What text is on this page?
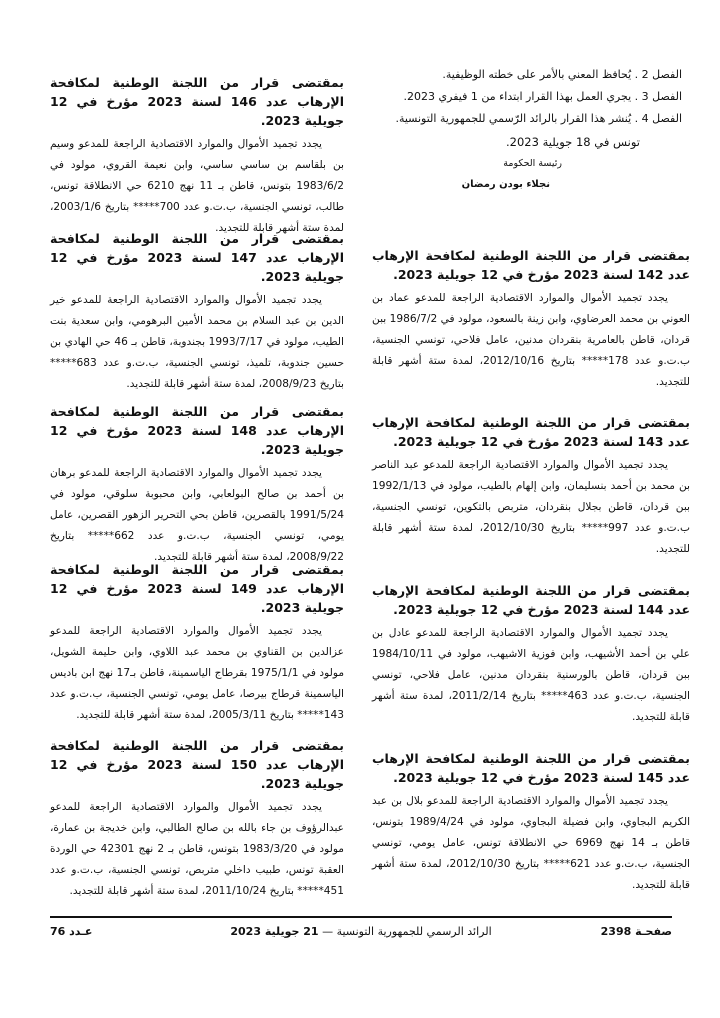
الفصل 2 . يُحافظ المعني بالأمر على خطته الوظيفية.

الفصل 3 . يجري العمل بهذا القرار ابتداء من 1 فيفري 2023.

الفصل 4 . يُنشر هذا القرار بالرائد الرّسمي للجمهورية التونسية.

تونس في 18 جويلية 2023.
رئيسة الحكومة
نجلاء بودن رمضان

بمقتضى قرار من اللجنة الوطنية لمكافحة الإرهاب عدد 142 لسنة 2023 مؤرخ في 12 جويلية 2023.

يجدد تجميد الأموال والموارد الاقتصادية الراجعة للمدعو عماد بن العوني بن محمد العرضاوي، وابن زينة بالسعود، مولود في 1986/7/2 ببن قردان، قاطن بالعامرية بنقردان مدنين، عامل فلاحي، تونسي الجنسية، ب.ت.و عدد 178***** بتاريخ 2012/10/16، لمدة ستة أشهر قابلة للتجديد.

بمقتضى قرار من اللجنة الوطنية لمكافحة الإرهاب عدد 143 لسنة 2023 مؤرخ في 12 جويلية 2023.

يجدد تجميد الأموال والموارد الاقتصادية الراجعة للمدعو عبد الناصر بن محمد بن أحمد بنسليمان، وابن إلهام بالطيب، مولود في 1992/1/13 ببن قردان، قاطن بجلال بنقردان، متربص بالتكوين، تونسي الجنسية، ب.ت.و عدد 997***** بتاريخ 2012/10/30، لمدة ستة أشهر قابلة للتجديد.

بمقتضى قرار من اللجنة الوطنية لمكافحة الإرهاب عدد 144 لسنة 2023 مؤرخ في 12 جويلية 2023.

يجدد تجميد الأموال والموارد الاقتصادية الراجعة للمدعو عادل بن علي بن أحمد الأشيهب، وابن فوزية الاشيهب، مولود في 1984/10/11 ببن قردان، قاطن بالورسنية بنقردان مدنين، عامل فلاحي، تونسي الجنسية، ب.ت.و عدد 463***** بتاريخ 2011/2/14، لمدة ستة أشهر قابلة للتجديد.

بمقتضى قرار من اللجنة الوطنية لمكافحة الإرهاب عدد 145 لسنة 2023 مؤرخ في 12 جويلية 2023.

يجدد تجميد الأموال والموارد الاقتصادية الراجعة للمدعو بلال بن عبد الكريم البجاوي، وابن فضيلة البجاوي، مولود في 1989/4/24 بتونس، قاطن بـ 14 نهج 6969 حي الانطلاقة تونس، عامل يومي، تونسي الجنسية، ب.ت.و عدد 621***** بتاريخ 2012/10/30، لمدة ستة أشهر قابلة للتجديد.

بمقتضى قرار من اللجنة الوطنية لمكافحة الإرهاب عدد 146 لسنة 2023 مؤرخ في 12 جويلية 2023.

يجدد تجميد الأموال والموارد الاقتصادية الراجعة للمدعو وسيم بن بلقاسم بن ساسي ساسي، وابن نعيمة القروي، مولود في 1983/6/2 بتونس، قاطن بـ 11 نهج 6210 حي الانطلاقة تونس، طالب، تونسي الجنسية، ب.ت.و عدد 700***** بتاريخ 2003/1/6، لمدة ستة أشهر قابلة للتجديد.

بمقتضى قرار من اللجنة الوطنية لمكافحة الإرهاب عدد 147 لسنة 2023 مؤرخ في 12 جويلية 2023.

يجدد تجميد الأموال والموارد الاقتصادية الراجعة للمدعو خير الدين بن عبد السلام بن محمد الأمين البرهومي، وابن سعدية بنت الطيب، مولود في 1993/7/17 بجندوبة، قاطن بـ 46 حي الهادي بن حسين جندوبة، تلميذ، تونسي الجنسية، ب.ت.و عدد 683***** بتاريخ 2008/9/23، لمدة ستة أشهر قابلة للتجديد.

بمقتضى قرار من اللجنة الوطنية لمكافحة الإرهاب عدد 148 لسنة 2023 مؤرخ في 12 جويلية 2023.

يجدد تجميد الأموال والموارد الاقتصادية الراجعة للمدعو برهان بن أحمد بن صالح البولعابي، وابن محبوبة سلوقي، مولود في 1991/5/24 بالقصرين، قاطن بحي التحرير الزهور القصرين، عامل يومي، تونسي الجنسية، ب.ت.و عدد 662***** بتاريخ 2008/9/22، لمدة ستة أشهر قابلة للتجديد.

بمقتضى قرار من اللجنة الوطنية لمكافحة الإرهاب عدد 149 لسنة 2023 مؤرخ في 12 جويلية 2023.

يجدد تجميد الأموال والموارد الاقتصادية الراجعة للمدعو عزالدين بن القناوي بن محمد عبد اللاوي، وابن حليمة الشويل، مولود في 1975/1/1 بقرطاج الياسمينة، قاطن بـ17 نهج ابن باديس الياسمينة قرطاج بيرصا، عامل يومي، تونسي الجنسية، ب.ت.و عدد 143***** بتاريخ 2005/3/11، لمدة ستة أشهر قابلة للتجديد.

بمقتضى قرار من اللجنة الوطنية لمكافحة الإرهاب عدد 150 لسنة 2023 مؤرخ في 12 جويلية 2023.

يجدد تجميد الأموال والموارد الاقتصادية الراجعة للمدعو عبدالرؤوف بن جاء بالله بن صالح الطالبي، وابن خديجة بن عمارة، مولود في 1983/3/20 بتونس، قاطن بـ 2 نهج 42301 حي الوردة العقبة تونس، طبيب داخلي متربص، تونسي الجنسية، ب.ت.و عدد 451***** بتاريخ 2011/10/24، لمدة ستة أشهر قابلة للتجديد.

صفحـة 2398
الرائد الرسمي للجمهورية التونسية — 21 جويلية 2023
عـدد 76
